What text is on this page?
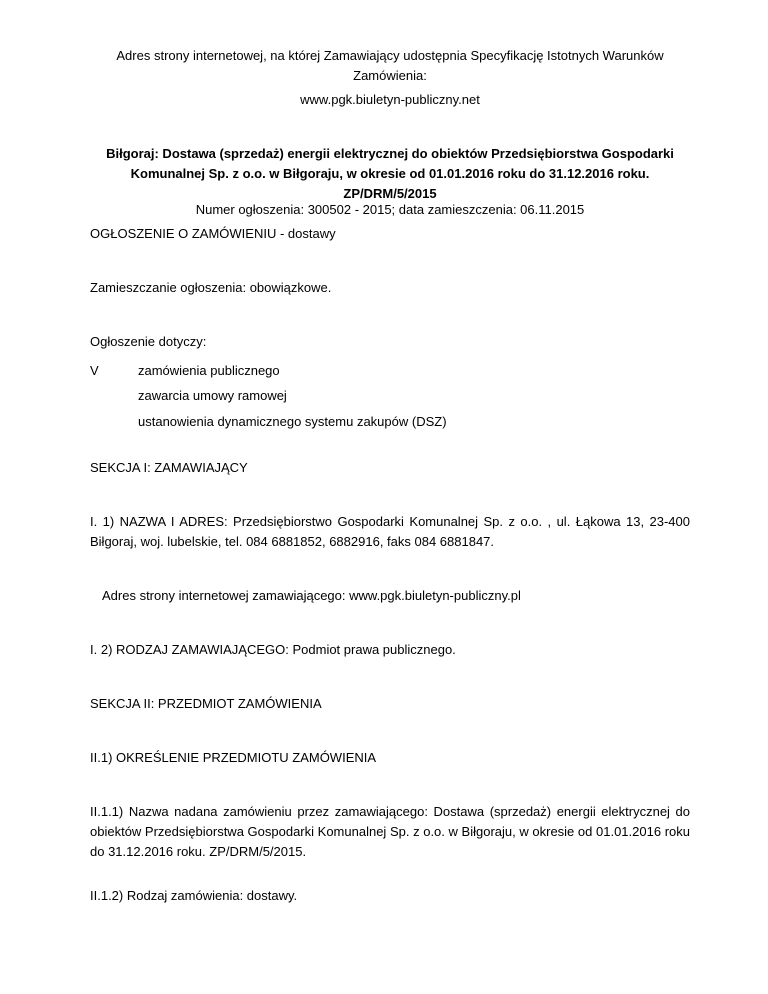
Adres strony internetowej, na której Zamawiający udostępnia Specyfikację Istotnych Warunków Zamówienia:
www.pgk.biuletyn-publiczny.net
Biłgoraj: Dostawa (sprzedaż) energii elektrycznej do obiektów Przedsiębiorstwa Gospodarki Komunalnej Sp. z o.o. w Biłgoraju, w okresie od 01.01.2016 roku do 31.12.2016 roku. ZP/DRM/5/2015
Numer ogłoszenia: 300502 - 2015; data zamieszczenia: 06.11.2015
OGŁOSZENIE O ZAMÓWIENIU - dostawy
Zamieszczanie ogłoszenia: obowiązkowe.
Ogłoszenie dotyczy:
V	zamówienia publicznego
zawarcia umowy ramowej
ustanowienia dynamicznego systemu zakupów (DSZ)
SEKCJA I: ZAMAWIAJĄCY
I. 1) NAZWA I ADRES: Przedsiębiorstwo Gospodarki Komunalnej Sp. z o.o. , ul. Łąkowa 13, 23-400 Biłgoraj, woj. lubelskie, tel. 084 6881852, 6882916, faks 084 6881847.
Adres strony internetowej zamawiającego: www.pgk.biuletyn-publiczny.pl
I. 2) RODZAJ ZAMAWIAJĄCEGO: Podmiot prawa publicznego.
SEKCJA II: PRZEDMIOT ZAMÓWIENIA
II.1) OKREŚLENIE PRZEDMIOTU ZAMÓWIENIA
II.1.1) Nazwa nadana zamówieniu przez zamawiającego: Dostawa (sprzedaż) energii elektrycznej do obiektów Przedsiębiorstwa Gospodarki Komunalnej Sp. z o.o. w Biłgoraju, w okresie od 01.01.2016 roku do 31.12.2016 roku. ZP/DRM/5/2015.
II.1.2) Rodzaj zamówienia: dostawy.
